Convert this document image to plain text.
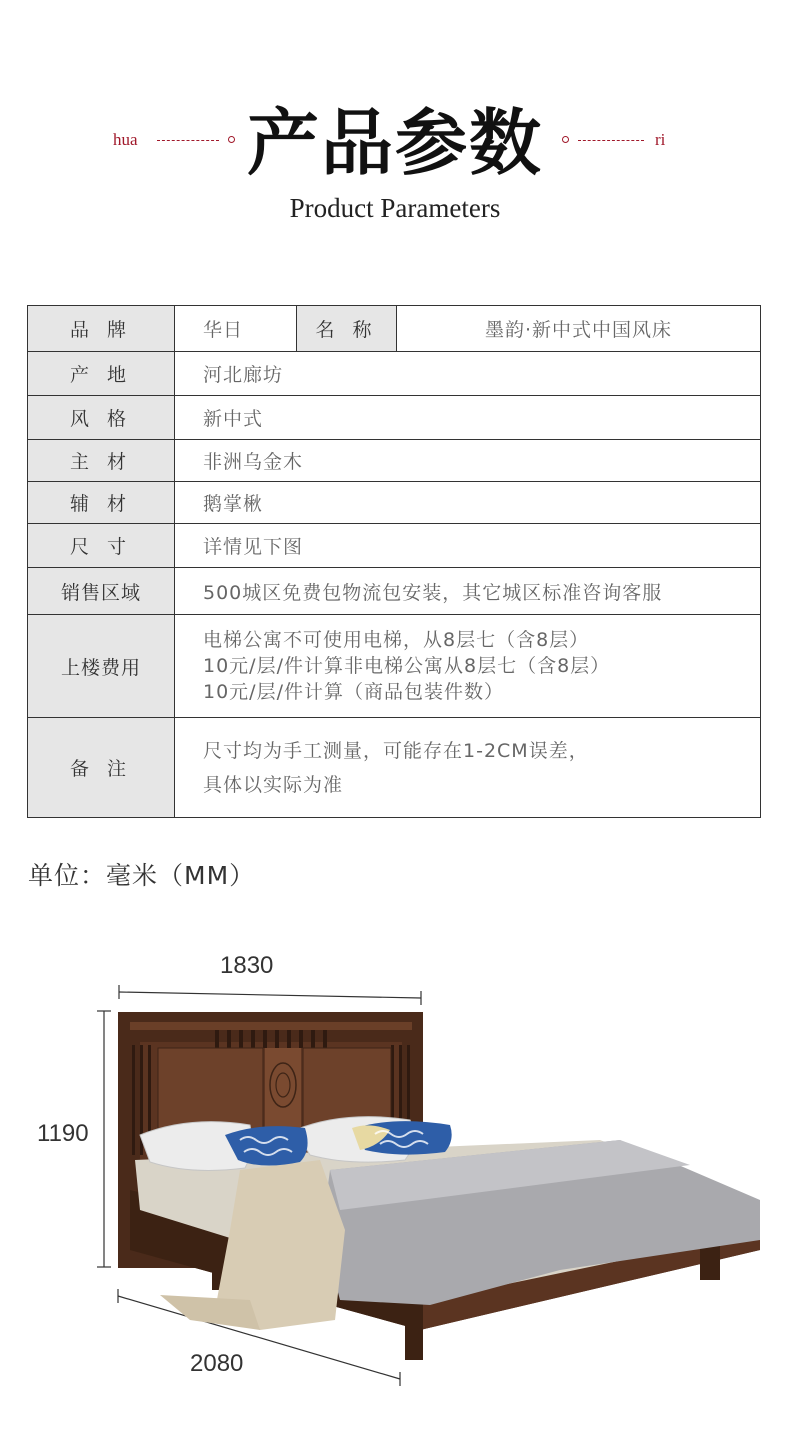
hua	产品参数	ri
Product Parameters
品 牌	华日	名 称	墨韵·新中式中国风床
产 地	河北廊坊		
风 格	新中式		
主 材	非洲乌金木		
辅 材	鹅掌楸		
尺 寸	详情见下图		
销售区域	500城区免费包物流包安装，其它城区标准咨询客服		
上楼费用	电梯公寓不可使用电梯，从8层七（含8层）
10元/层/件计算非电梯公寓从8层七（含8层）
10元/层/件计算（商品包装件数）		

备 注	尺寸均为手工测量，可能存在1-2CM误差，
具体以实际为准		
单位：毫米（MM）
1830
1190
2080
